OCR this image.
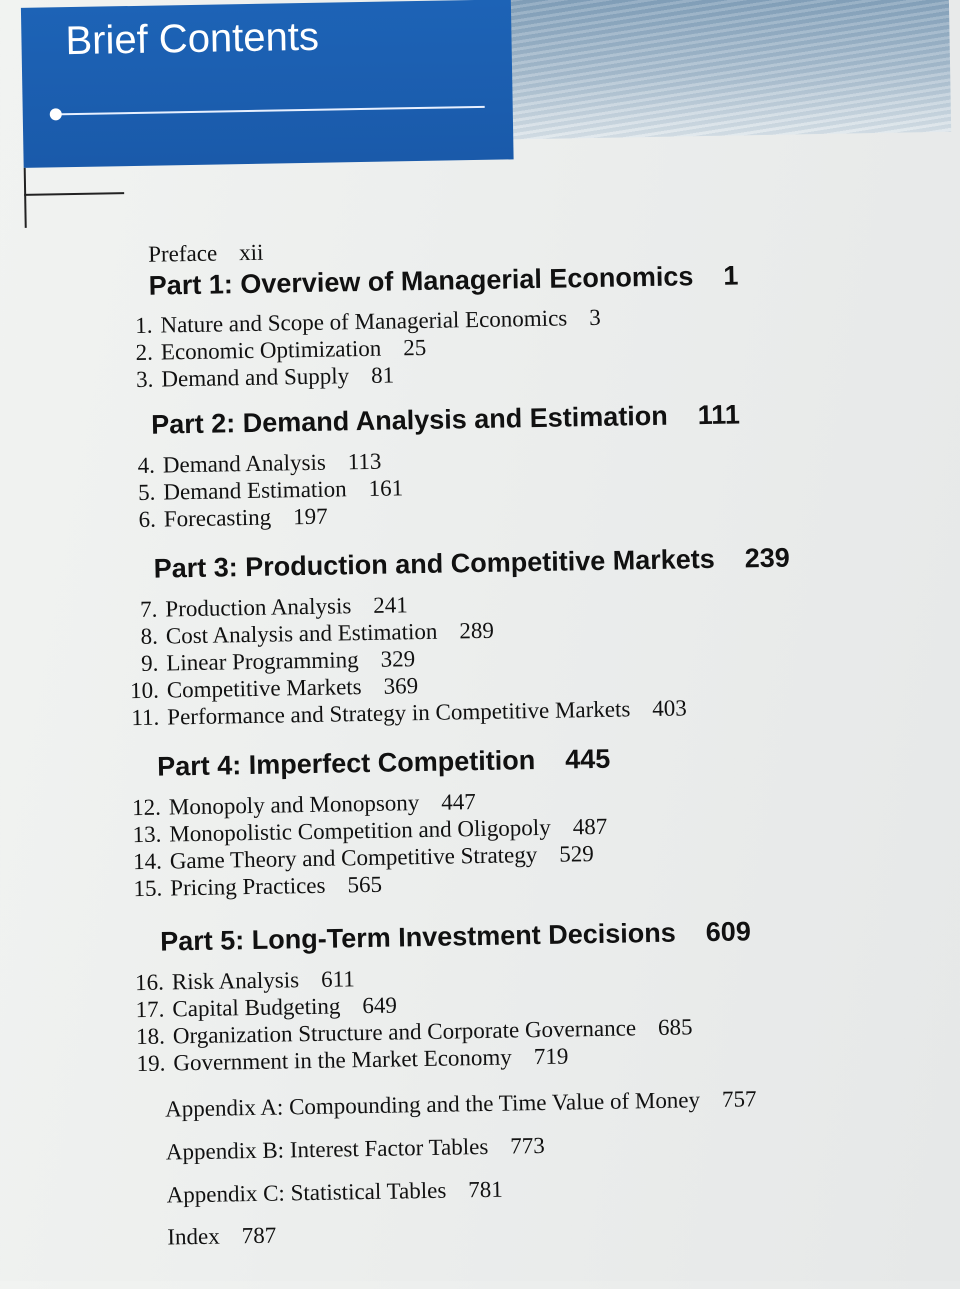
Brief Contents
Preface xii
Part 1: Overview of Managerial Economics 1
1. Nature and Scope of Managerial Economics 3
2. Economic Optimization 25
3. Demand and Supply 81
Part 2: Demand Analysis and Estimation 111
4. Demand Analysis 113
5. Demand Estimation 161
6. Forecasting 197
Part 3: Production and Competitive Markets 239
7. Production Analysis 241
8. Cost Analysis and Estimation 289
9. Linear Programming 329
10. Competitive Markets 369
11. Performance and Strategy in Competitive Markets 403
Part 4: Imperfect Competition 445
12. Monopoly and Monopsony 447
13. Monopolistic Competition and Oligopoly 487
14. Game Theory and Competitive Strategy 529
15. Pricing Practices 565
Part 5: Long-Term Investment Decisions 609
16. Risk Analysis 611
17. Capital Budgeting 649
18. Organization Structure and Corporate Governance 685
19. Government in the Market Economy 719
Appendix A: Compounding and the Time Value of Money 757
Appendix B: Interest Factor Tables 773
Appendix C: Statistical Tables 781
Index 787
